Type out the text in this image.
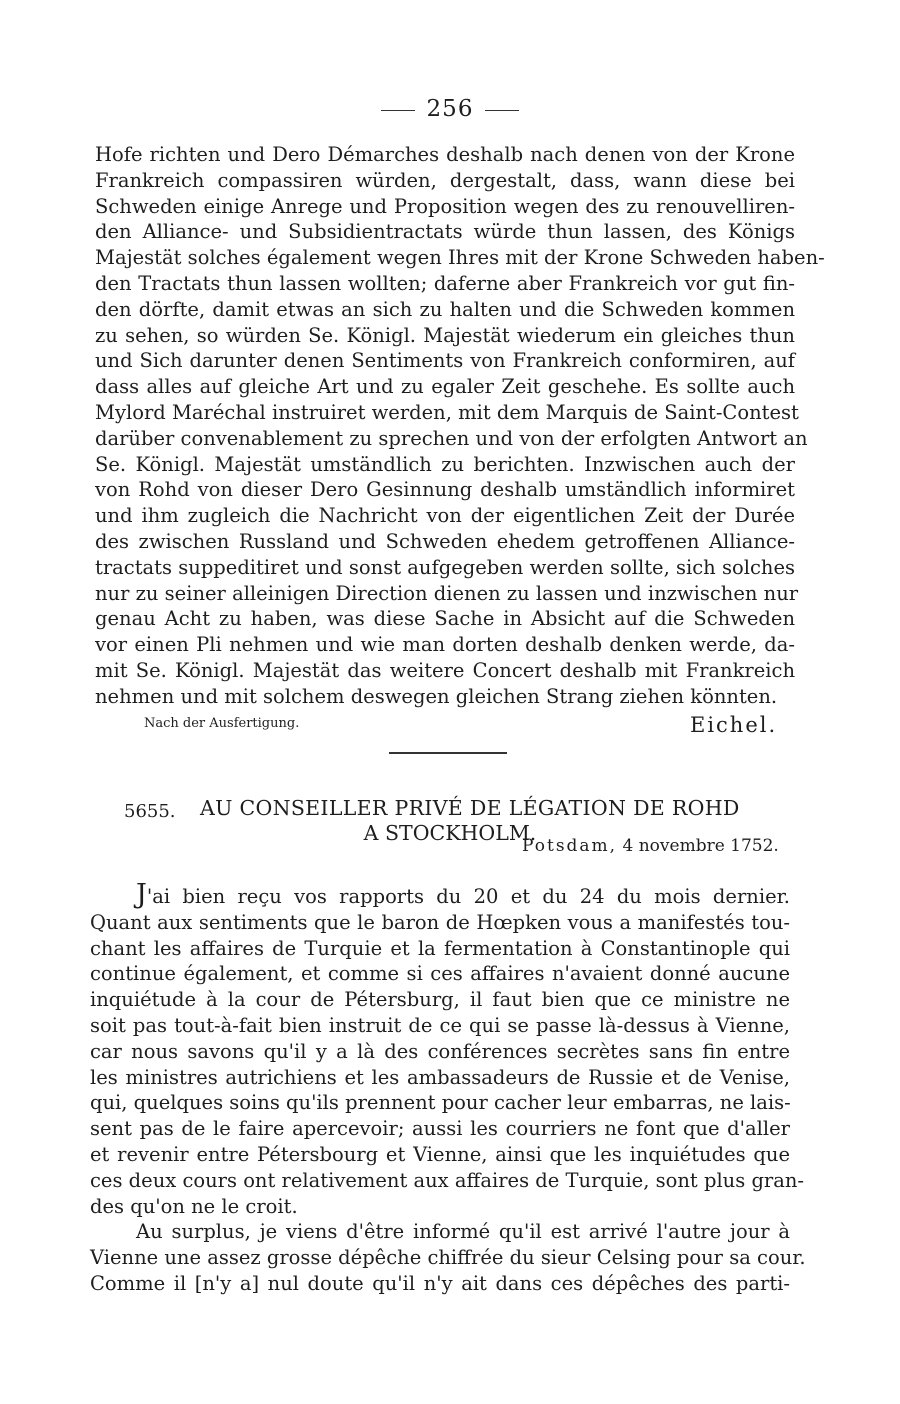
256
Hofe richten und Dero Démarches deshalb nach denen von der Krone
Frankreich compassiren würden, dergestalt, dass, wann diese bei
Schweden einige Anrege und Proposition wegen des zu renouvelliren-
den Alliance- und Subsidientractats würde thun lassen, des Königs
Majestät solches également wegen Ihres mit der Krone Schweden haben-
den Tractats thun lassen wollten; daferne aber Frankreich vor gut fin-
den dörfte, damit etwas an sich zu halten und die Schweden kommen
zu sehen, so würden Se. Königl. Majestät wiederum ein gleiches thun
und Sich darunter denen Sentiments von Frankreich conformiren, auf
dass alles auf gleiche Art und zu egaler Zeit geschehe. Es sollte auch
Mylord Maréchal instruiret werden, mit dem Marquis de Saint-Contest
darüber convenablement zu sprechen und von der erfolgten Antwort an
Se. Königl. Majestät umständlich zu berichten. Inzwischen auch der
von Rohd von dieser Dero Gesinnung deshalb umständlich informiret
und ihm zugleich die Nachricht von der eigentlichen Zeit der Durée
des zwischen Russland und Schweden ehedem getroffenen Alliance-
tractats suppeditiret und sonst aufgegeben werden sollte, sich solches
nur zu seiner alleinigen Direction dienen zu lassen und inzwischen nur
genau Acht zu haben, was diese Sache in Absicht auf die Schweden
vor einen Pli nehmen und wie man dorten deshalb denken werde, da-
mit Se. Königl. Majestät das weitere Concert deshalb mit Frankreich
nehmen und mit solchem deswegen gleichen Strang ziehen könnten.
Nach der Ausfertigung.	Eichel.
5655. AU CONSEILLER PRIVÉ DE LÉGATION DE ROHD
A STOCKHOLM.
Potsdam, 4 novembre 1752.
J'ai bien reçu vos rapports du 20 et du 24 du mois dernier.
Quant aux sentiments que le baron de Hœpken vous a manifestés tou-
chant les affaires de Turquie et la fermentation à Constantinople qui
continue également, et comme si ces affaires n'avaient donné aucune
inquiétude à la cour de Pétersburg, il faut bien que ce ministre ne
soit pas tout-à-fait bien instruit de ce qui se passe là-dessus à Vienne,
car nous savons qu'il y a là des conférences secrètes sans fin entre
les ministres autrichiens et les ambassadeurs de Russie et de Venise,
qui, quelques soins qu'ils prennent pour cacher leur embarras, ne lais-
sent pas de le faire apercevoir; aussi les courriers ne font que d'aller
et revenir entre Pétersbourg et Vienne, ainsi que les inquiétudes que
ces deux cours ont relativement aux affaires de Turquie, sont plus gran-
des qu'on ne le croit.
Au surplus, je viens d'être informé qu'il est arrivé l'autre jour à
Vienne une assez grosse dépêche chiffrée du sieur Celsing pour sa cour.
Comme il [n'y a] nul doute qu'il n'y ait dans ces dépêches des parti-
